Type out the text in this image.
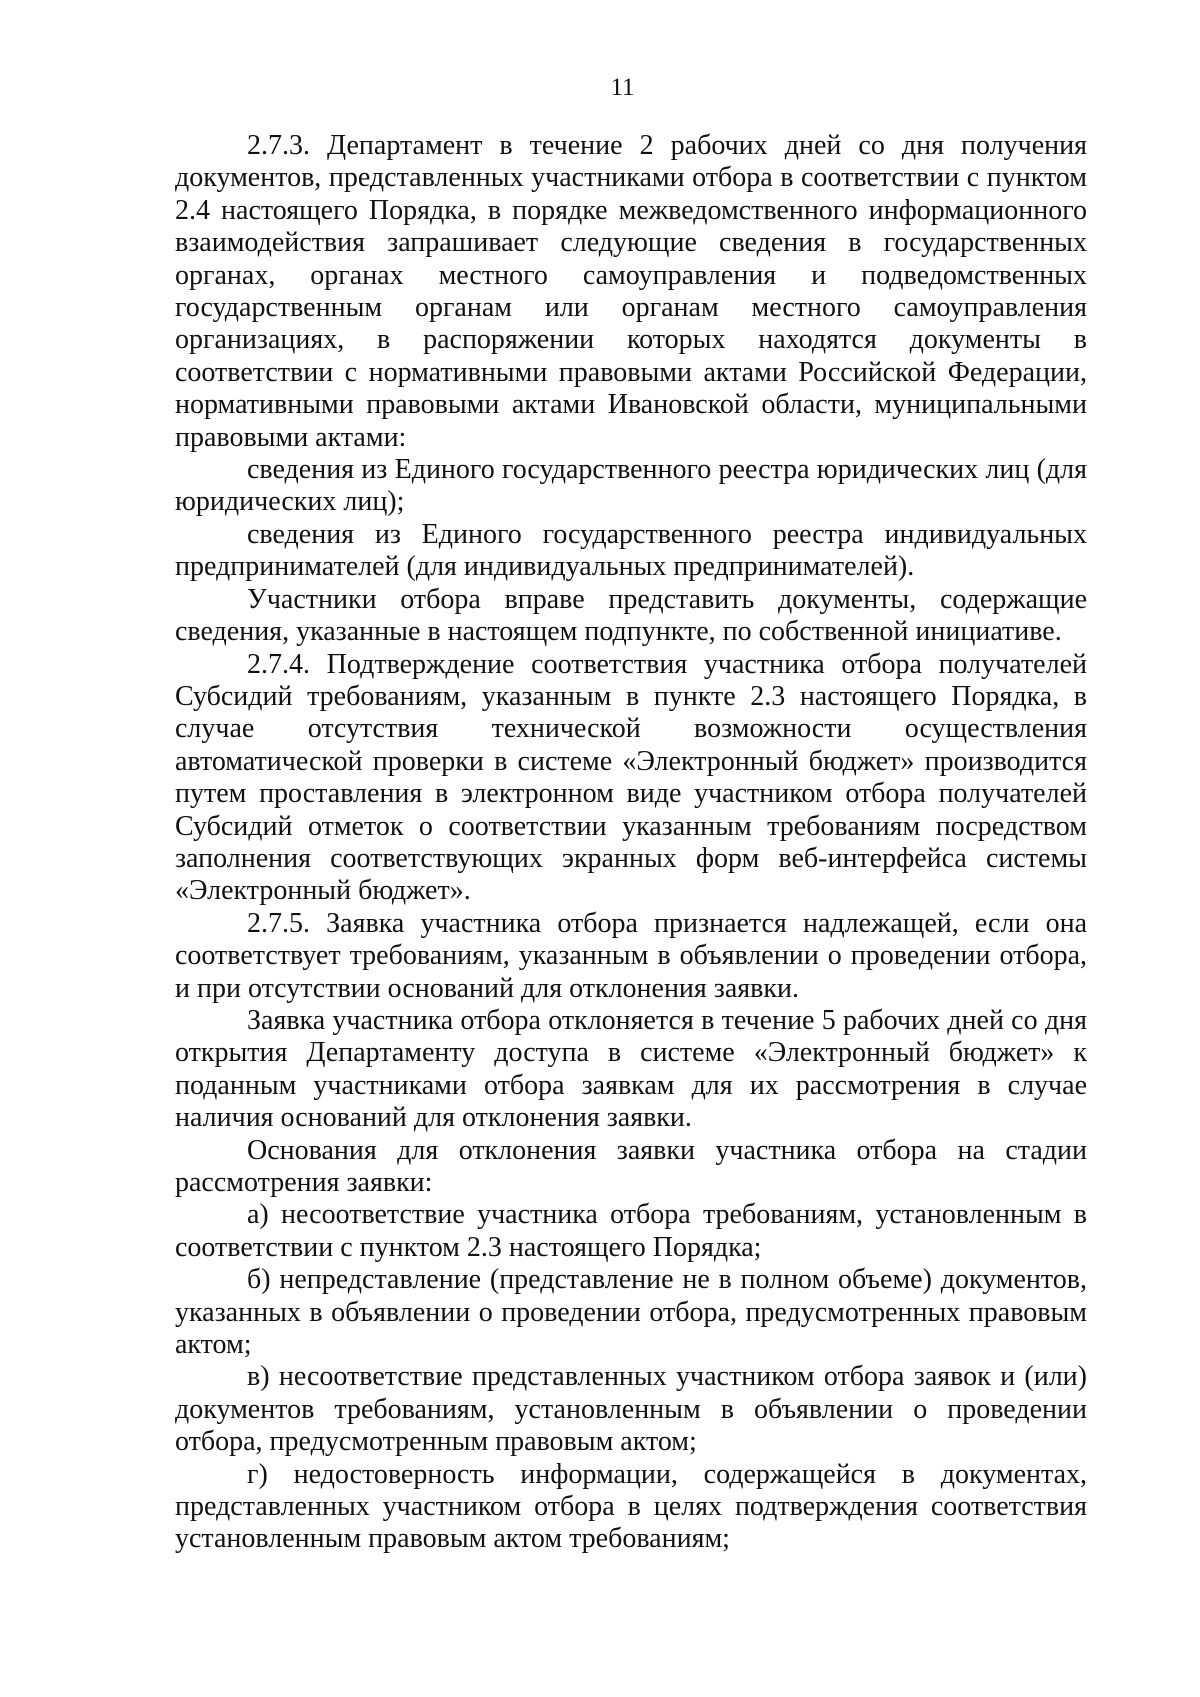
11

2.7.3. Департамент в течение 2 рабочих дней со дня получения документов, представленных участниками отбора в соответствии с пунктом 2.4 настоящего Порядка, в порядке межведомственного информационного взаимодействия запрашивает следующие сведения в государственных органах, органах местного самоуправления и подведомственных государственным органам или органам местного самоуправления организациях, в распоряжении которых находятся документы в соответствии с нормативными правовыми актами Российской Федерации, нормативными правовыми актами Ивановской области, муниципальными правовыми актами:

сведения из Единого государственного реестра юридических лиц (для юридических лиц);

сведения из Единого государственного реестра индивидуальных предпринимателей (для индивидуальных предпринимателей).

Участники отбора вправе представить документы, содержащие сведения, указанные в настоящем подпункте, по собственной инициативе.

2.7.4. Подтверждение соответствия участника отбора получателей Субсидий требованиям, указанным в пункте 2.3 настоящего Порядка, в случае отсутствия технической возможности осуществления автоматической проверки в системе «Электронный бюджет» производится путем проставления в электронном виде участником отбора получателей Субсидий отметок о соответствии указанным требованиям посредством заполнения соответствующих экранных форм веб-интерфейса системы «Электронный бюджет».

2.7.5. Заявка участника отбора признается надлежащей, если она соответствует требованиям, указанным в объявлении о проведении отбора, и при отсутствии оснований для отклонения заявки.

Заявка участника отбора отклоняется в течение 5 рабочих дней со дня открытия Департаменту доступа в системе «Электронный бюджет» к поданным участниками отбора заявкам для их рассмотрения в случае наличия оснований для отклонения заявки.

Основания для отклонения заявки участника отбора на стадии рассмотрения заявки:

а) несоответствие участника отбора требованиям, установленным в соответствии с пунктом 2.3 настоящего Порядка;

б) непредставление (представление не в полном объеме) документов, указанных в объявлении о проведении отбора, предусмотренных правовым актом;

в) несоответствие представленных участником отбора заявок и (или) документов требованиям, установленным в объявлении о проведении отбора, предусмотренным правовым актом;

г) недостоверность информации, содержащейся в документах, представленных участником отбора в целях подтверждения соответствия установленным правовым актом требованиям;
